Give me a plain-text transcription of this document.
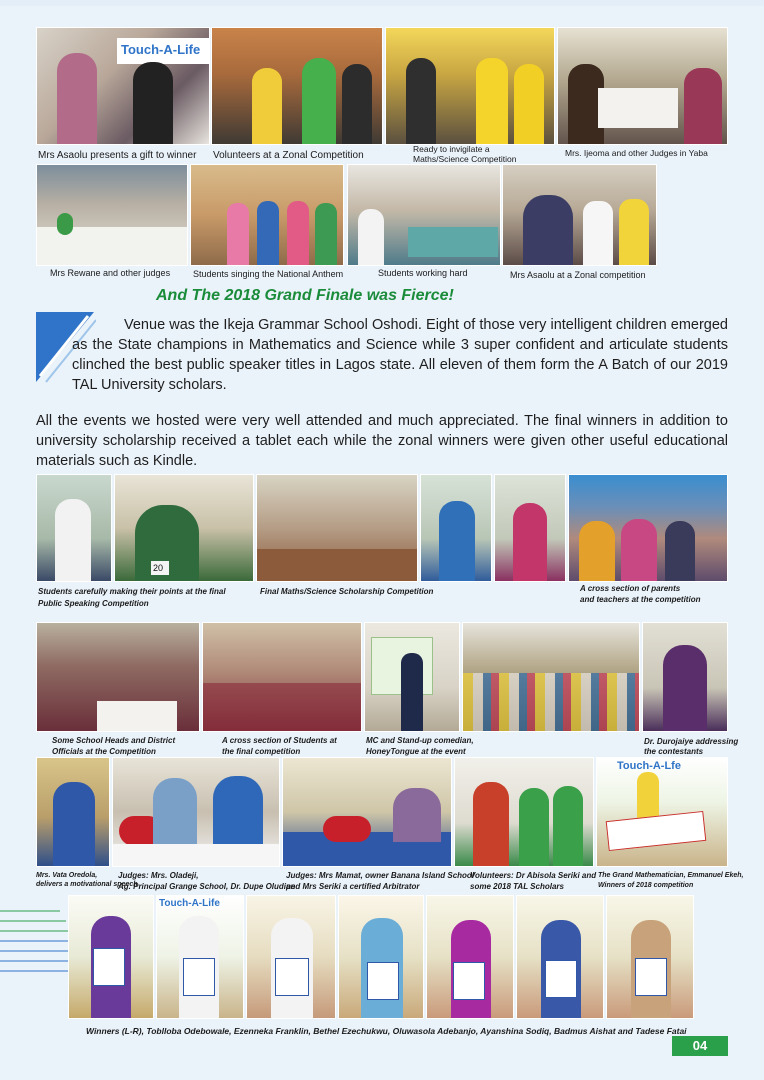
Touch-A-Life
Mrs Asaolu presents a gift to winner Volunteers at a Zonal Competition
Ready to invigilate a
Maths/Science Competition
Mrs. Ijeoma and other Judges in Yaba
Mrs Rewane and other judges	Students singing the National Anthem	Students working hard	Mrs Asaolu at a Zonal competition
And The 2018 Grand Finale was Fierce!
Venue was the Ikeja Grammar School Oshodi. Eight of those very intelligent children emerged as the State champions in Mathematics and Science while 3 super confident and articulate students clinched the best public speaker titles in Lagos state. All eleven of them form the A Batch of our 2019 TAL University scholars.
All the events we hosted were very well attended and much appreciated. The final winners in addition to university scholarship received a tablet each while the zonal winners were given other useful educational materials such as Kindle.
20
Students carefully making their points at the final
Public Speaking Competition
Final Maths/Science Scholarship Competition	A cross section of parents
and teachers at the competition
Some School Heads and District
Officials at the Competition
A cross section of Students at
the final competition
MC and Stand-up comedian,
HoneyTongue at the event
Dr. Durojaiye addressing
the contestants
Touch-A-Lfe
Mrs. Vata Oredola,
delivers a motivational speech
Judges: Mrs. Oladeji,
Ag. Principal Grange School, Dr. Dupe Oludipe
Judges: Mrs Mamat, owner Banana Island School
and Mrs Seriki a certified Arbitrator
Volunteers: Dr Abisola Seriki and
some 2018 TAL Scholars
The Grand Mathematician, Emmanuel Ekeh,
Winners of 2018 competition
Touch-A-Life
Winners (L-R), Toblloba Odebowale, Ezenneka Franklin, Bethel Ezechukwu, Oluwasola Adebanjo, Ayanshina Sodiq, Badmus Aishat and Tadese Fatai
04
